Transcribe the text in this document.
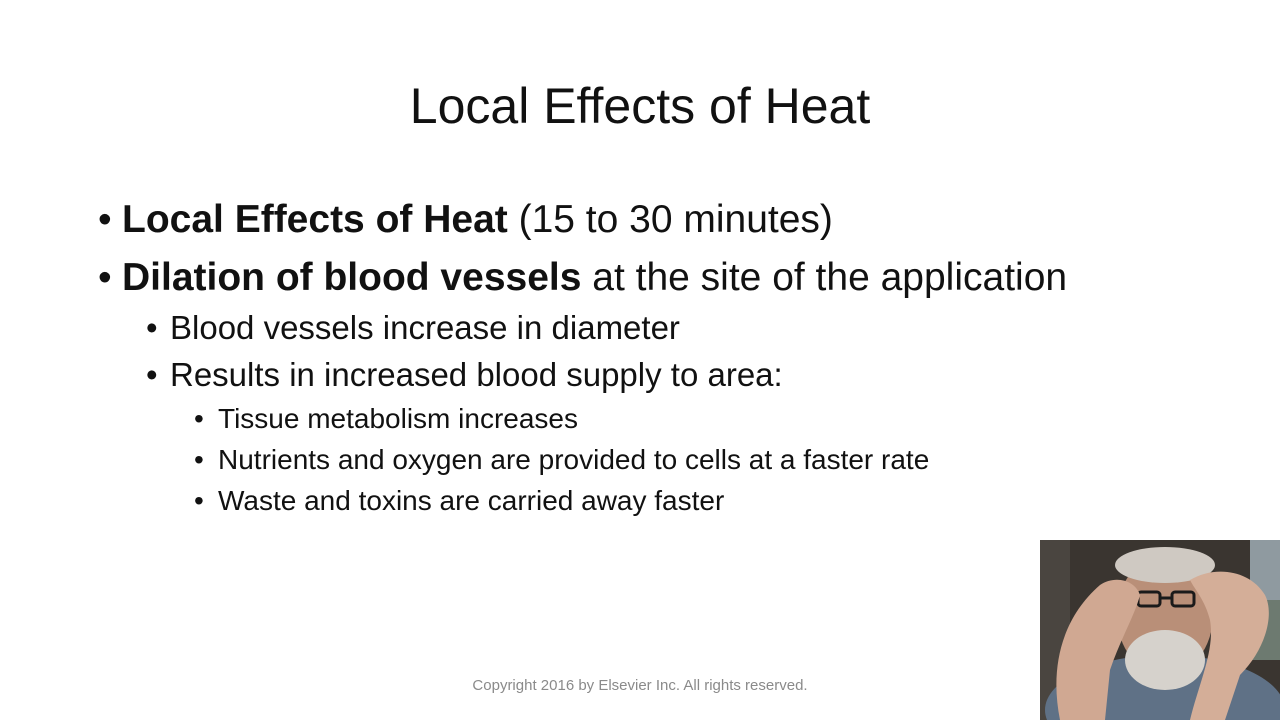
Local Effects of Heat
• Local Effects of Heat (15 to 30 minutes)
• Dilation of blood vessels at the site of the application
• Blood vessels increase in diameter
• Results in increased blood supply to area:
• Tissue metabolism increases
• Nutrients and oxygen are provided to cells at a faster rate
• Waste and toxins are carried away faster
Copyright 2016 by Elsevier Inc. All rights reserved.
